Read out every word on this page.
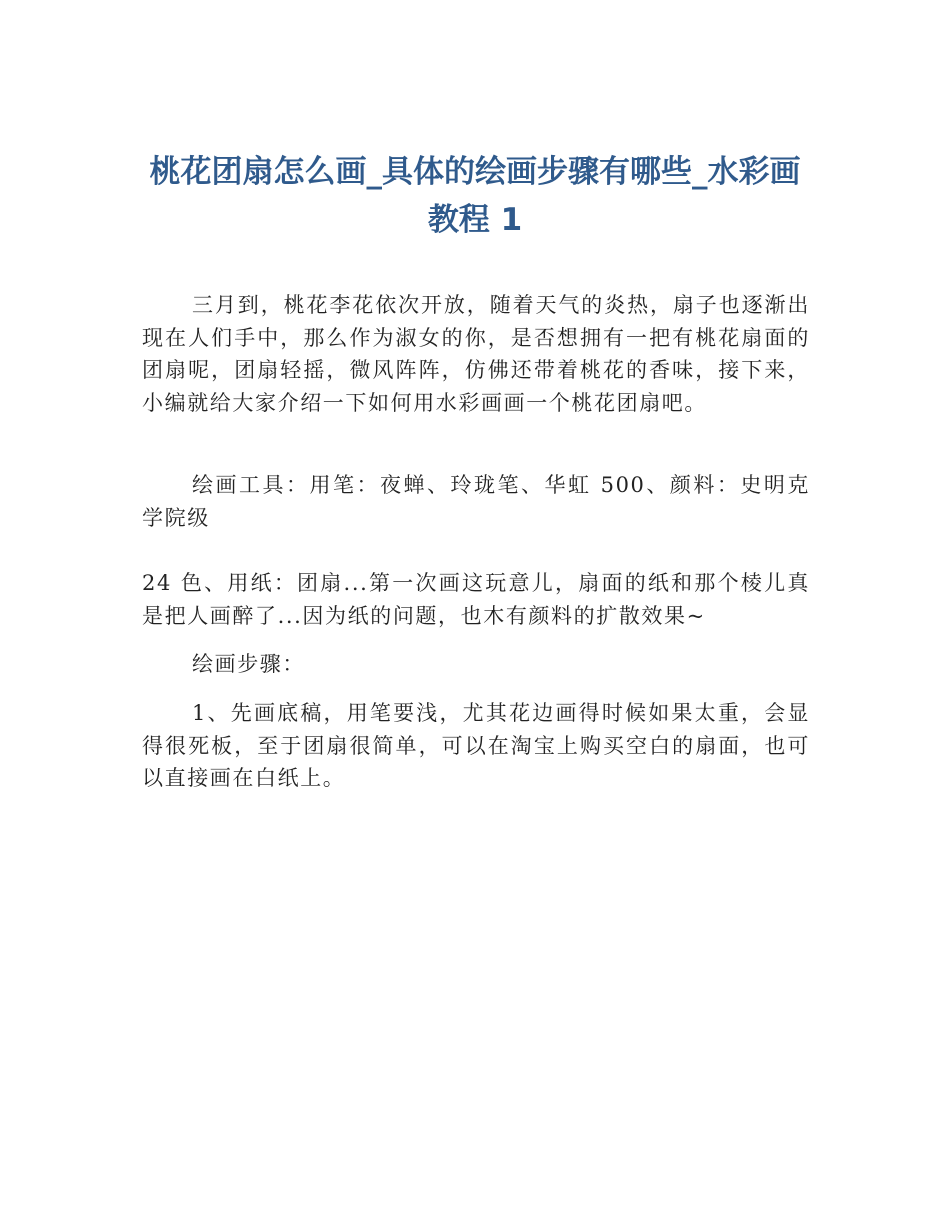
桃花团扇怎么画_具体的绘画步骤有哪些_水彩画教程 1

三月到，桃花李花依次开放，随着天气的炎热，扇子也逐渐出现在人们手中，那么作为淑女的你，是否想拥有一把有桃花扇面的团扇呢，团扇轻摇，微风阵阵，仿佛还带着桃花的香味，接下来，小编就给大家介绍一下如何用水彩画画一个桃花团扇吧。

绘画工具：用笔：夜蝉、玲珑笔、华虹 500、颜料：史明克 学院级

24 色、用纸：团扇...第一次画这玩意儿，扇面的纸和那个棱儿真是把人画醉了...因为纸的问题，也木有颜料的扩散效果~

绘画步骤：

1、先画底稿，用笔要浅，尤其花边画得时候如果太重，会显得很死板，至于团扇很简单，可以在淘宝上购买空白的扇面，也可以直接画在白纸上。
